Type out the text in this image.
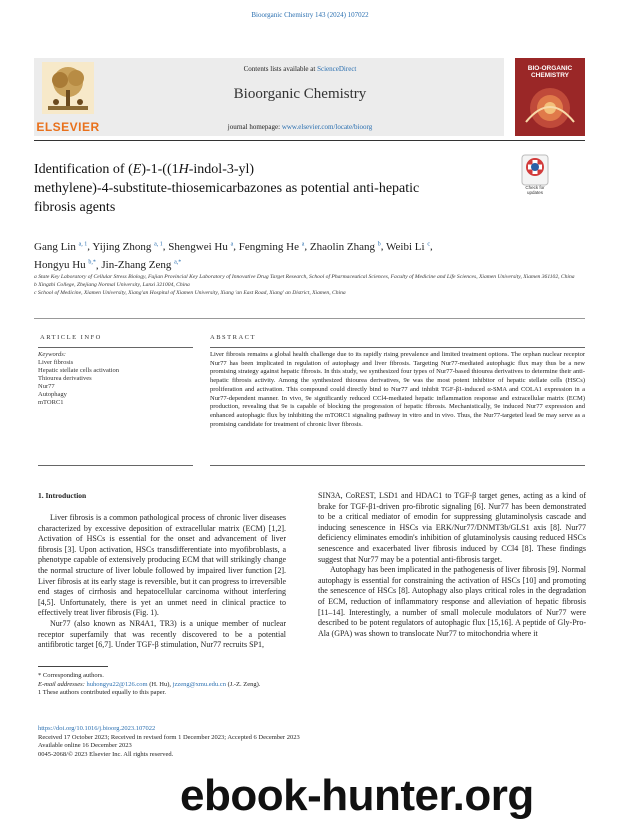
Bioorganic Chemistry 143 (2024) 107022
ELSEVIER
Contents lists available at ScienceDirect
Bioorganic Chemistry
journal homepage: www.elsevier.com/locate/bioorg
BIO-ORGANIC CHEMISTRY
Identification of (E)-1-((1H-indol-3-yl)
methylene)-4-substitute-thiosemicarbazones as potential anti-hepatic
fibrosis agents
Check for updates
Gang Lin $^{a, 1}$, Yijing Zhong $^{a, 1}$, Shengwei Hu $^a$, Fengming He $^a$, Zhaolin Zhang $^b$, Weibi Li $^c$,
Hongyu Hu $^{b,*}$, Jin-Zhang Zeng $^{a,*}$

a State Key Laboratory of Cellular Stress Biology, Fujian Provincial Key Laboratory of Innovative Drug Target Research, School of Pharmaceutical Sciences, Faculty of Medicine and Life Sciences, Xiamen University, Xiamen 361102, China

b Xingzhi College, Zhejiang Normal University, Lanxi 321004, China

c School of Medicine, Xiamen University, Xiang'an Hospital of Xiamen University, Xiang 'an East Road, Xiang' an District, Xiamen, China

ARTICLE INFO
Keywords:
Liver fibrosis
Hepatic stellate cells activation
Thiourea derivatives
Nur77
Autophagy
mTORC1
ABSTRACT
Liver fibrosis remains a global health challenge due to its rapidly rising prevalence and limited treatment options. The orphan nuclear receptor Nur77 has been implicated in regulation of autophagy and liver fibrosis. Targeting Nur77-mediated autophagic flux may thus be a new promising strategy against hepatic fibrosis. In this study, we synthesized four types of Nur77-based thiourea derivatives to determine their anti-hepatic fibrosis activity. Among the synthesized thiourea derivatives, 9e was the most potent inhibitor of hepatic stellate cells (HSCs) proliferation and activation. This compound could directly bind to Nur77 and inhibit TGF-β1-induced α-SMA and COLA1 expression in a Nur77-dependent manner. In vivo, 9e significantly reduced CCl4-mediated hepatic inflammation response and extracellular matrix (ECM) production, revealing that 9e is capable of blocking the progression of hepatic fibrosis. Mechanistically, 9e induced Nur77 expression and enhanced autophagic flux by inhibiting the mTORC1 signaling pathway in vitro and in vivo. Thus, the Nur77-targeted lead 9e may serve as a promising candidate for treatment of chronic liver fibrosis.
1. Introduction

Liver fibrosis is a common pathological process of chronic liver diseases characterized by excessive deposition of extracellular matrix (ECM) [1,2]. Activation of HSCs is essential for the onset and advancement of liver fibrosis [3]. Upon activation, HSCs transdifferentiate into myofibroblasts, a phenotype capable of extensively producing ECM that will strikingly change the normal structure of liver lobule followed by impaired liver function [2]. Liver fibrosis at its early stage is reversible, but it can progress to irreversible end stages of cirrhosis and hepatocellular carcinoma without interfering [4,5]. Unfortunately, there is yet an unmet need in clinical practice to effectively treat liver fibrosis (Fig. 1).

Nur77 (also known as NR4A1, TR3) is a unique member of nuclear receptor superfamily that was recently discovered to be a potential antifibrotic target [6,7]. Under TGF-β stimulation, Nur77 recruits SP1,

SIN3A, CoREST, LSD1 and HDAC1 to TGF-β target genes, acting as a kind of brake for TGF-β1-driven pro-fibrotic signaling [6]. Nur77 has been demonstrated to be a critical mediator of emodin for suppressing glutaminolysis cascade and inducing senescence in HSCs via ERK/Nur77/DNMT3b/GLS1 axis [8]. Nur77 deficiency eliminates emodin's inhibition of glutaminolysis causing reduced HSCs senescence and exacerbated liver fibrosis induced by CCl4 [8]. These findings suggest that Nur77 may be a potential anti-fibrosis target.

Autophagy has been implicated in the pathogenesis of liver fibrosis [9]. Normal autophagy is essential for constraining the activation of HSCs [10] and promoting the senescence of HSCs [8]. Autophagy also plays critical roles in the degradation of ECM, reduction of inflammatory response and alleviation of hepatic fibrosis [11–14]. Interestingly, a number of small molecule modulators of Nur77 were described to be potent regulators of autophagic flux [15,16]. A peptide of Gly-Pro-Ala (GPA) was shown to translocate Nur77 to mitochondria where it

* Corresponding authors.

E-mail addresses: huhongyu22@126.com (H. Hu), jzzeng@xmu.edu.cn (J.-Z. Zeng).

1 These authors contributed equally to this paper.

https://doi.org/10.1016/j.bioorg.2023.107022

Received 17 October 2023; Received in revised form 1 December 2023; Accepted 6 December 2023

Available online 16 December 2023

0045-2068/© 2023 Elsevier Inc. All rights reserved.

ebook-hunter.org
